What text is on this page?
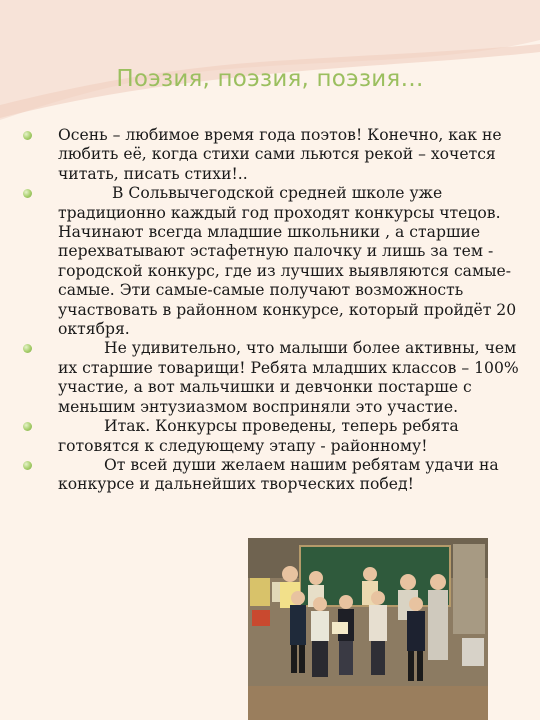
Поэзия, поэзия, поэзия…
Осень – любимое время года поэтов! Конечно, как не любить её, когда стихи сами льются рекой – хочется читать, писать стихи!..
В Сольвычегодской средней школе уже традиционно каждый год проходят конкурсы чтецов. Начинают всегда младшие школьники , а старшие перехватывают эстафетную палочку и лишь за тем - городской конкурс, где из лучших выявляются самые-самые. Эти самые-самые получают возможность участвовать в районном конкурсе, который пройдёт 20 октября.
Не удивительно, что малыши более активны, чем их старшие товарищи! Ребята младших классов – 100% участие, а вот мальчишки и девчонки постарше с меньшим энтузиазмом восприняли это участие.
Итак. Конкурсы проведены, теперь ребята готовятся к следующему этапу - районному!
От всей души желаем нашим ребятам удачи на конкурсе и дальнейших творческих побед!
